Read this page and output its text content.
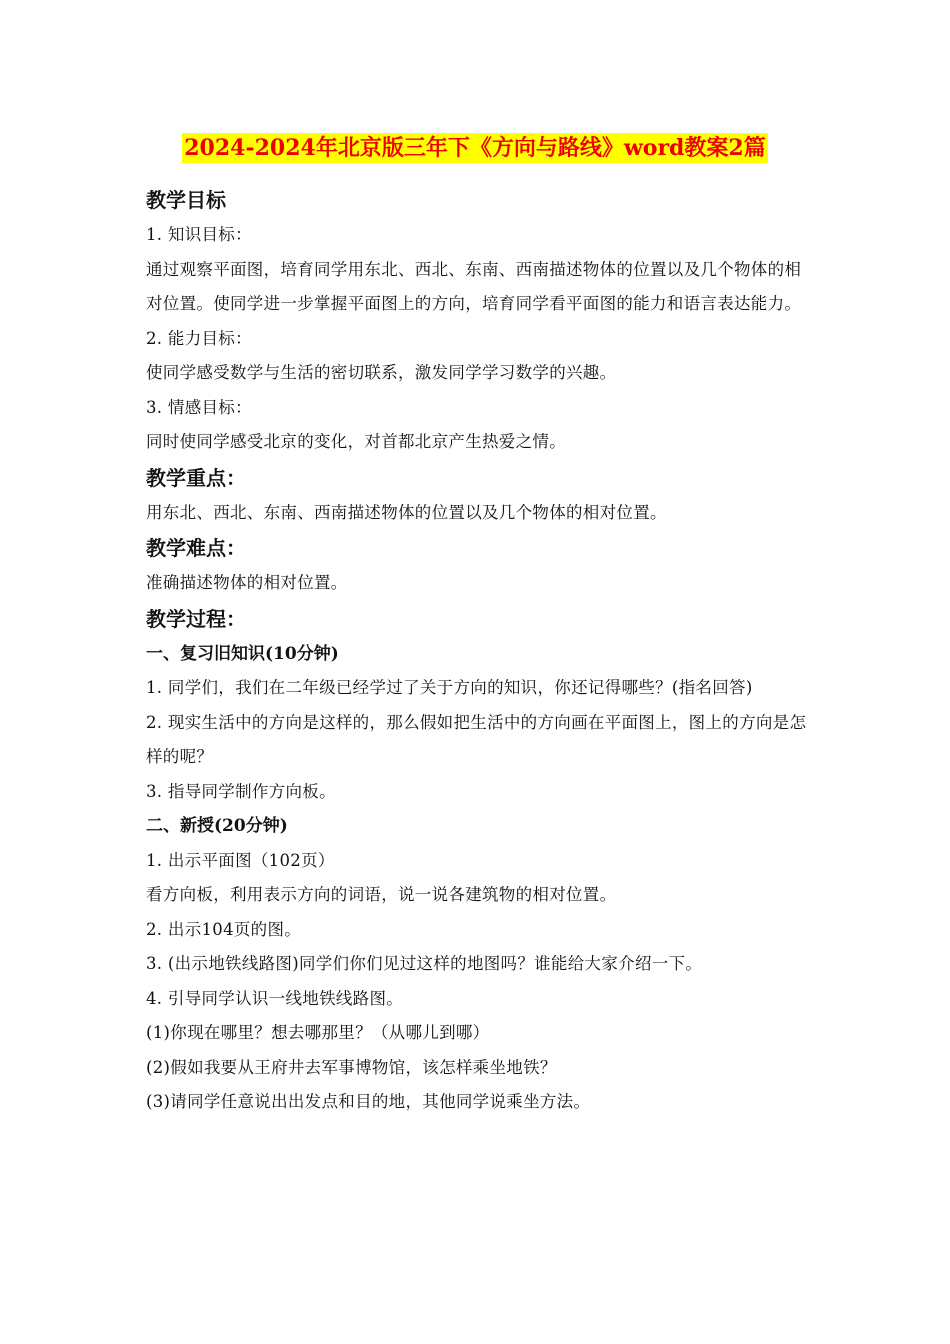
2024-2024年北京版三年下《方向与路线》word教案2篇
教学目标
1. 知识目标：
通过观察平面图，培育同学用东北、西北、东南、西南描述物体的位置以及几个物体的相对位置。使同学进一步掌握平面图上的方向，培育同学看平面图的能力和语言表达能力。
2. 能力目标：
使同学感受数学与生活的密切联系，激发同学学习数学的兴趣。
3. 情感目标：
同时使同学感受北京的变化，对首都北京产生热爱之情。
教学重点：
用东北、西北、东南、西南描述物体的位置以及几个物体的相对位置。
教学难点：
准确描述物体的相对位置。
教学过程：
一、复习旧知识(10分钟)
1. 同学们，我们在二年级已经学过了关于方向的知识，你还记得哪些？(指名回答)
2. 现实生活中的方向是这样的，那么假如把生活中的方向画在平面图上，图上的方向是怎样的呢？
3. 指导同学制作方向板。
二、新授(20分钟)
1. 出示平面图（102页）
看方向板，利用表示方向的词语，说一说各建筑物的相对位置。
2. 出示104页的图。
3. (出示地铁线路图)同学们你们见过这样的地图吗？谁能给大家介绍一下。
4. 引导同学认识一线地铁线路图。
(1)你现在哪里？想去哪那里？（从哪儿到哪）
(2)假如我要从王府井去军事博物馆，该怎样乘坐地铁？
(3)请同学任意说出出发点和目的地，其他同学说乘坐方法。
